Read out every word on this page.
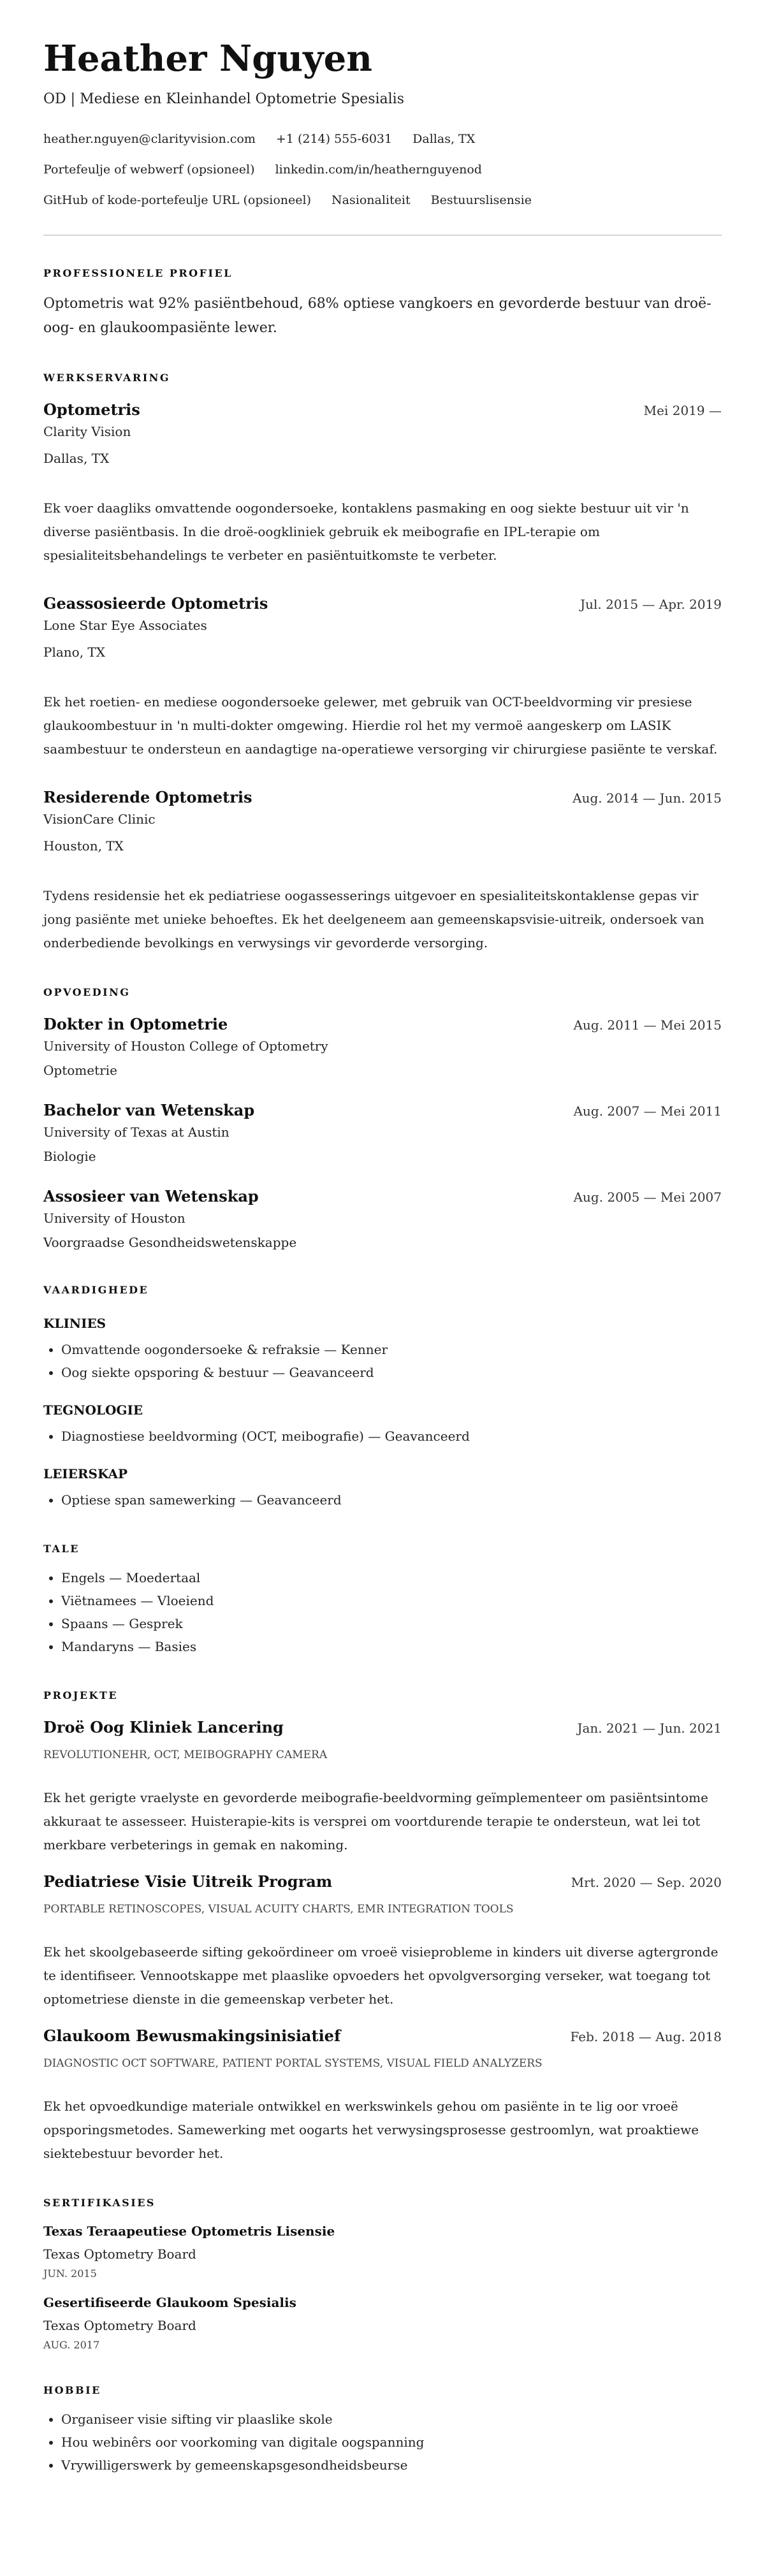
Heather Nguyen
OD | Mediese en Kleinhandel Optometrie Spesialis
heather.nguyen@clarityvision.com +1 (214) 555-6031 Dallas, TX
Portefeulje of webwerf (opsioneel) linkedin.com/in/heathernguyenod
GitHub of kode-portefeulje URL (opsioneel) Nasionaliteit Bestuurslisensie
PROFESSIONELE PROFIEL

Optometris wat 92% pasiëntbehoud, 68% optiese vangkoers en gevorderde bestuur van droë-oog- en glaukoompasiënte lewer.

WERKSERVARING
Optometris	Mei 2019 —
Clarity Vision
Dallas, TX
Ek voer daagliks omvattende oogondersoeke, kontaklens pasmaking en oog siekte bestuur uit vir 'n diverse pasiëntbasis. In die droë-oogkliniek gebruik ek meibografie en IPL-terapie om spesialiteitsbehandelings te verbeter en pasiëntuitkomste te verbeter.
Geassosieerde Optometris	Jul. 2015 — Apr. 2019
Lone Star Eye Associates
Plano, TX
Ek het roetien- en mediese oogondersoeke gelewer, met gebruik van OCT-beeldvorming vir presiese glaukoombestuur in 'n multi-dokter omgewing. Hierdie rol het my vermoë aangeskerp om LASIK saambestuur te ondersteun en aandagtige na-operatiewe versorging vir chirurgiese pasiënte te verskaf.
Residerende Optometris	Aug. 2014 — Jun. 2015
VisionCare Clinic
Houston, TX
Tydens residensie het ek pediatriese oogassesserings uitgevoer en spesialiteitskontaklense gepas vir jong pasiënte met unieke behoeftes. Ek het deelgeneem aan gemeenskapsvisie-uitreik, ondersoek van onderbediende bevolkings en verwysings vir gevorderde versorging.
OPVOEDING
Dokter in Optometrie	Aug. 2011 — Mei 2015
University of Houston College of Optometry
Optometrie
Bachelor van Wetenskap	Aug. 2007 — Mei 2011
University of Texas at Austin
Biologie
Assosieer van Wetenskap	Aug. 2005 — Mei 2007
University of Houston
Voorgraadse Gesondheidswetenskappe
VAARDIGHEDE
KLINIES
• Omvattende oogondersoeke & refraksie — Kenner
• Oog siekte opsporing & bestuur — Geavanceerd
TEGNOLOGIE
• Diagnostiese beeldvorming (OCT, meibografie) — Geavanceerd
LEIERSKAP
• Optiese span samewerking — Geavanceerd
TALE
• Engels — Moedertaal
• Viëtnamees — Vloeiend
• Spaans — Gesprek
• Mandaryns — Basies
PROJEKTE
Droë Oog Kliniek Lancering	Jan. 2021 — Jun. 2021
REVOLUTIONEHR, OCT, MEIBOGRAPHY CAMERA
Ek het gerigte vraelyste en gevorderde meibografie-beeldvorming geïmplementeer om pasiëntsintome akkuraat te assesseer. Huisterapie-kits is versprei om voortdurende terapie te ondersteun, wat lei tot merkbare verbeterings in gemak en nakoming.
Pediatriese Visie Uitreik Program	Mrt. 2020 — Sep. 2020
PORTABLE RETINOSCOPES, VISUAL ACUITY CHARTS, EMR INTEGRATION TOOLS
Ek het skoolgebaseerde sifting gekoördineer om vroeë visieprobleme in kinders uit diverse agtergronde te identifiseer. Vennootskappe met plaaslike opvoeders het opvolgversorging verseker, wat toegang tot optometriese dienste in die gemeenskap verbeter het.
Glaukoom Bewusmakingsinisiatief	Feb. 2018 — Aug. 2018
DIAGNOSTIC OCT SOFTWARE, PATIENT PORTAL SYSTEMS, VISUAL FIELD ANALYZERS
Ek het opvoedkundige materiale ontwikkel en werkswinkels gehou om pasiënte in te lig oor vroeë opsporingsmetodes. Samewerking met oogarts het verwysingsprosesse gestroomlyn, wat proaktiewe siektebestuur bevorder het.
SERTIFIKASIES
Texas Teraapeutiese Optometris Lisensie
Texas Optometry Board
JUN. 2015
Gesertifiseerde Glaukoom Spesialis
Texas Optometry Board
AUG. 2017
HOBBIE
• Organiseer visie sifting vir plaaslike skole
• Hou webinêrs oor voorkoming van digitale oogspanning
• Vrywilligerswerk by gemeenskapsgesondheidsbeurse
